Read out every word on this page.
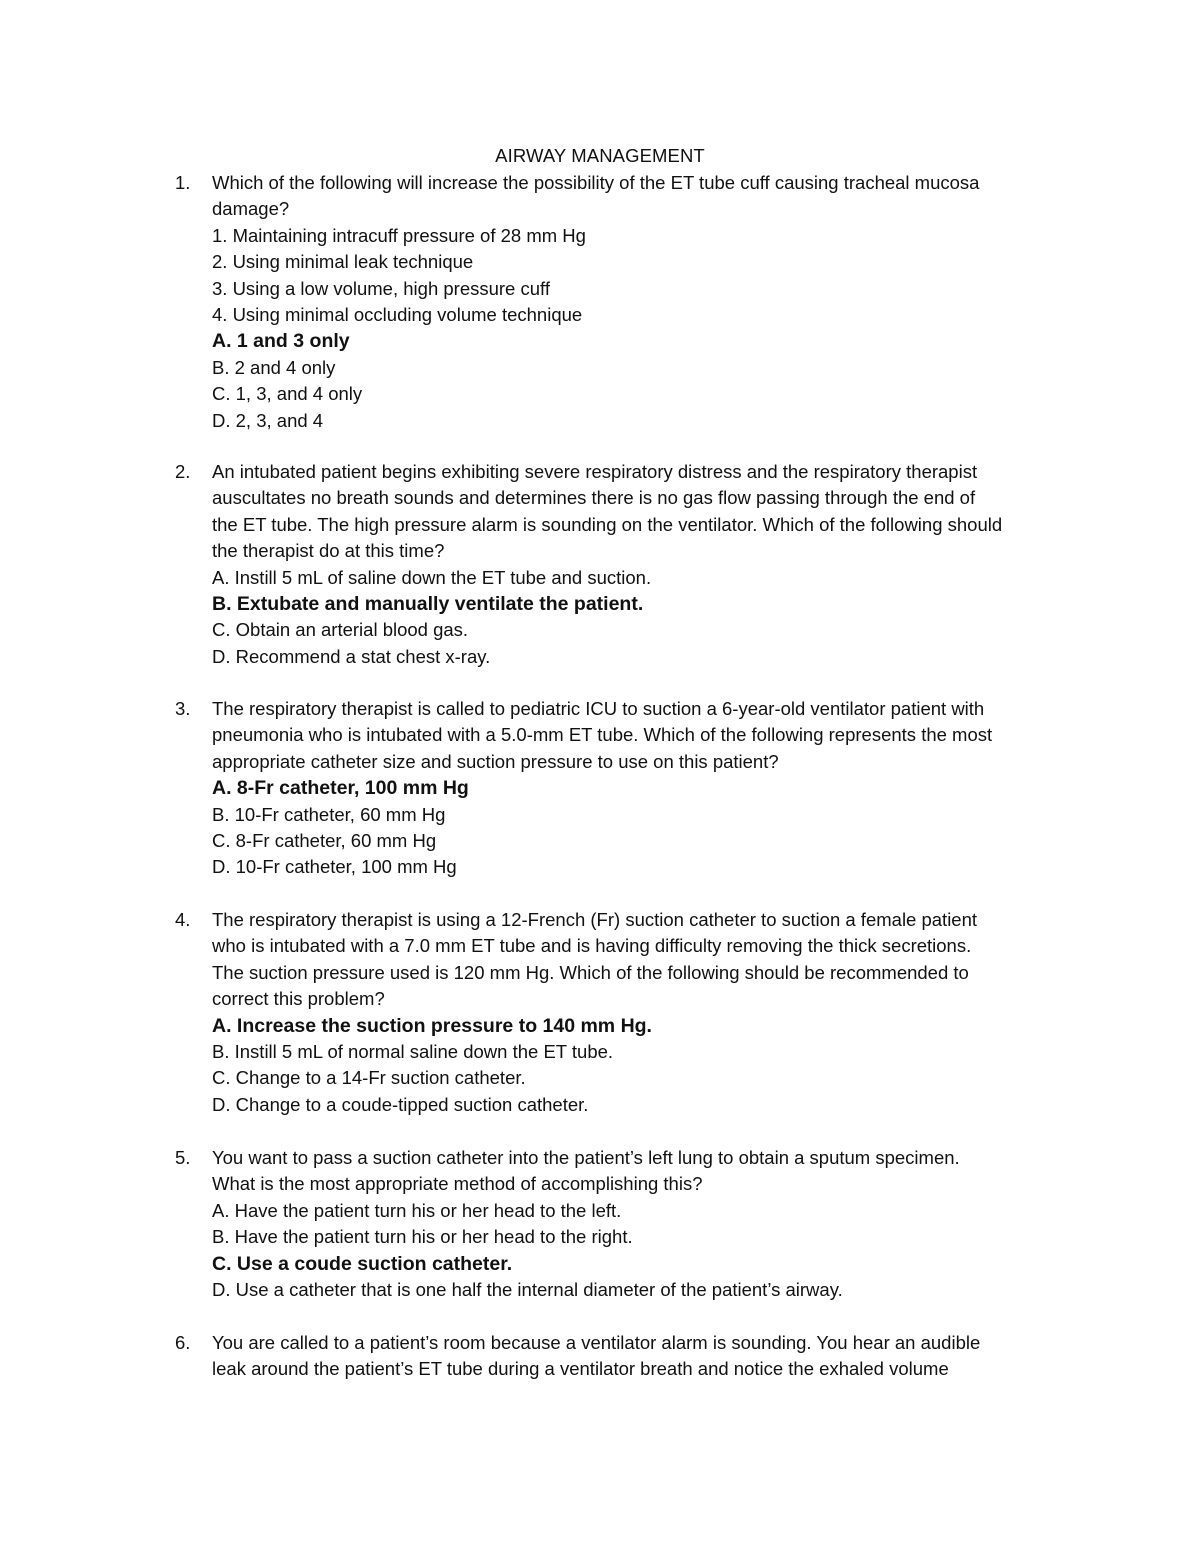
AIRWAY MANAGEMENT
1.	Which of the following will increase the possibility of the ET tube cuff causing tracheal mucosa
damage?
1. Maintaining intracuff pressure of 28 mm Hg
2. Using minimal leak technique
3. Using a low volume, high pressure cuff
4. Using minimal occluding volume technique
A. 1 and 3 only
B. 2 and 4 only
C. 1, 3, and 4 only
D. 2, 3, and 4
2.	An intubated patient begins exhibiting severe respiratory distress and the respiratory therapist
auscultates no breath sounds and determines there is no gas flow passing through the end of
the ET tube. The high pressure alarm is sounding on the ventilator. Which of the following should
the therapist do at this time?
A. Instill 5 mL of saline down the ET tube and suction.
B. Extubate and manually ventilate the patient.
C. Obtain an arterial blood gas.
D. Recommend a stat chest x-ray.
3.	The respiratory therapist is called to pediatric ICU to suction a 6-year-old ventilator patient with
pneumonia who is intubated with a 5.0-mm ET tube. Which of the following represents the most
appropriate catheter size and suction pressure to use on this patient?
A. 8-Fr catheter, 100 mm Hg
B. 10-Fr catheter, 60 mm Hg
C. 8-Fr catheter, 60 mm Hg
D. 10-Fr catheter, 100 mm Hg
4.	The respiratory therapist is using a 12-French (Fr) suction catheter to suction a female patient
who is intubated with a 7.0 mm ET tube and is having difficulty removing the thick secretions.
The suction pressure used is 120 mm Hg. Which of the following should be recommended to
correct this problem?
A. Increase the suction pressure to 140 mm Hg.
B. Instill 5 mL of normal saline down the ET tube.
C. Change to a 14-Fr suction catheter.
D. Change to a coude-tipped suction catheter.
5.	You want to pass a suction catheter into the patient’s left lung to obtain a sputum specimen.
What is the most appropriate method of accomplishing this?
A. Have the patient turn his or her head to the left.
B. Have the patient turn his or her head to the right.
C. Use a coude suction catheter.
D. Use a catheter that is one half the internal diameter of the patient’s airway.
6.	You are called to a patient’s room because a ventilator alarm is sounding. You hear an audible
leak around the patient’s ET tube during a ventilator breath and notice the exhaled volume
